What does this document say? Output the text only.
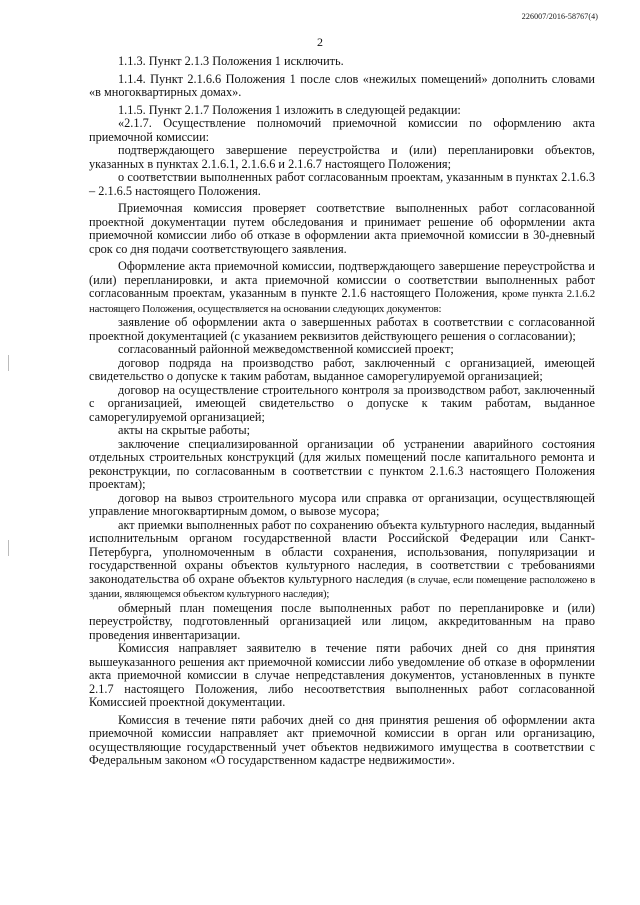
226007/2016-58767(4)
2

1.1.3. Пункт 2.1.3 Положения 1 исключить.

1.1.4. Пункт 2.1.6.6 Положения 1 после слов «нежилых помещений» дополнить словами «в многоквартирных домах».

1.1.5. Пункт 2.1.7 Положения 1 изложить в следующей редакции:

«2.1.7. Осуществление полномочий приемочной комиссии по оформлению акта приемочной комиссии:

подтверждающего завершение переустройства и (или) перепланировки объектов, указанных в пунктах 2.1.6.1, 2.1.6.6 и 2.1.6.7 настоящего Положения;

о соответствии выполненных работ согласованным проектам, указанным в пунктах 2.1.6.3 – 2.1.6.5 настоящего Положения.

Приемочная комиссия проверяет соответствие выполненных работ согласованной проектной документации путем обследования и принимает решение об оформлении акта приемочной комиссии либо об отказе в оформлении акта приемочной комиссии в 30-дневный срок со дня подачи соответствующего заявления.

Оформление акта приемочной комиссии, подтверждающего завершение переустройства и (или) перепланировки, и акта приемочной комиссии о соответствии выполненных работ согласованным проектам, указанным в пункте 2.1.6 настоящего Положения, кроме пункта 2.1.6.2 настоящего Положения, осуществляется на основании следующих документов:

заявление об оформлении акта о завершенных работах в соответствии с согласованной проектной документацией (с указанием реквизитов действующего решения о согласовании);

согласованный районной межведомственной комиссией проект;

договор подряда на производство работ, заключенный с организацией, имеющей свидетельство о допуске к таким работам, выданное саморегулируемой организацией;

договор на осуществление строительного контроля за производством работ, заключенный с организацией, имеющей свидетельство о допуске к таким работам, выданное саморегулируемой организацией;

акты на скрытые работы;

заключение специализированной организации об устранении аварийного состояния отдельных строительных конструкций (для жилых помещений после капитального ремонта и реконструкции, по согласованным в соответствии с пунктом 2.1.6.3 настоящего Положения проектам);

договор на вывоз строительного мусора или справка от организации, осуществляющей управление многоквартирным домом, о вывозе мусора;

акт приемки выполненных работ по сохранению объекта культурного наследия, выданный исполнительным органом государственной власти Российской Федерации или Санкт-Петербурга, уполномоченным в области сохранения, использования, популяризации и государственной охраны объектов культурного наследия, в соответствии с требованиями законодательства об охране объектов культурного наследия (в случае, если помещение расположено в здании, являющемся объектом культурного наследия);

обмерный план помещения после выполненных работ по перепланировке и (или) переустройству, подготовленный организацией или лицом, аккредитованным на право проведения инвентаризации.

Комиссия направляет заявителю в течение пяти рабочих дней со дня принятия вышеуказанного решения акт приемочной комиссии либо уведомление об отказе в оформлении акта приемочной комиссии в случае непредставления документов, установленных в пункте 2.1.7 настоящего Положения, либо несоответствия выполненных работ согласованной Комиссией проектной документации.

Комиссия в течение пяти рабочих дней со дня принятия решения об оформлении акта приемочной комиссии направляет акт приемочной комиссии в орган или организацию, осуществляющие государственный учет объектов недвижимого имущества в соответствии с Федеральным законом «О государственном кадастре недвижимости».
